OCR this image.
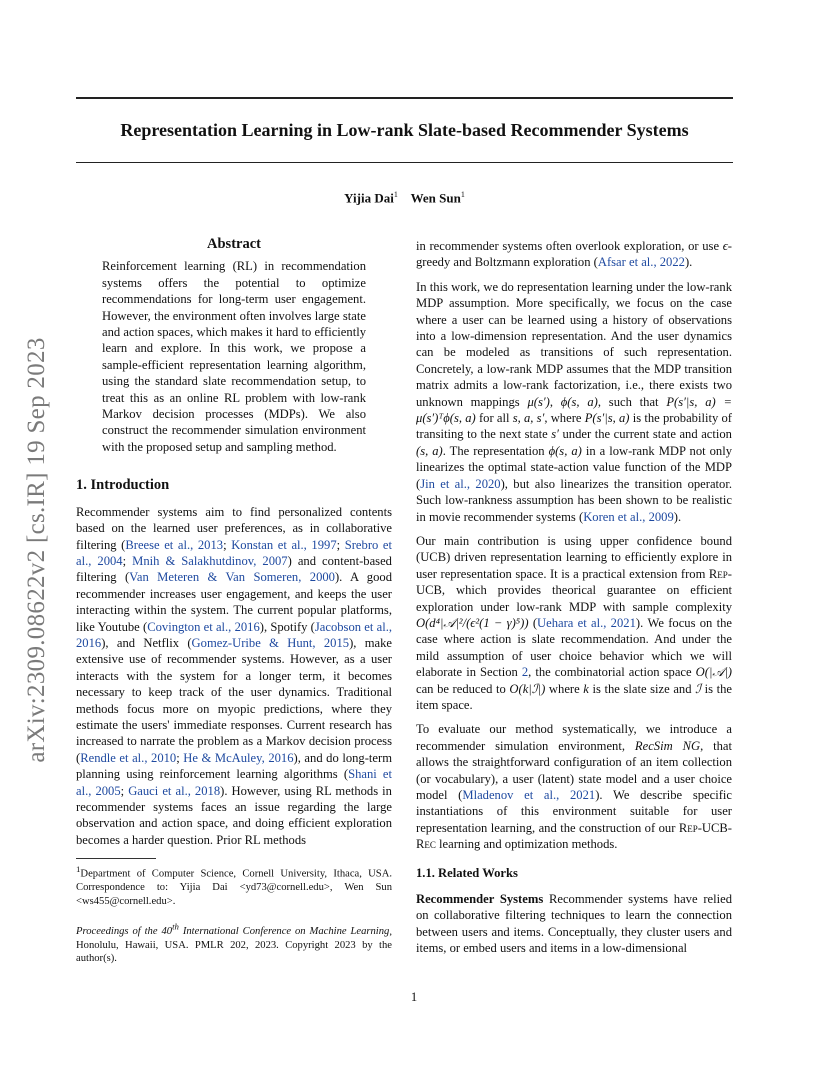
Representation Learning in Low-rank Slate-based Recommender Systems
Yijia Dai$^1$ Wen Sun$^1$
arXiv:2309.08622v2 [cs.IR] 19 Sep 2023
Abstract

Reinforcement learning (RL) in recommendation systems offers the potential to optimize recommendations for long-term user engagement. However, the environment often involves large state and action spaces, which makes it hard to efficiently learn and explore. In this work, we propose a sample-efficient representation learning algorithm, using the standard slate recommendation setup, to treat this as an online RL problem with low-rank Markov decision processes (MDPs). We also construct the recommender simulation environment with the proposed setup and sampling method.

1. Introduction

Recommender systems aim to find personalized contents based on the learned user preferences, as in collaborative filtering (Breese et al., 2013; Konstan et al., 1997; Srebro et al., 2004; Mnih & Salakhutdinov, 2007) and content-based filtering (Van Meteren & Van Someren, 2000). A good recommender increases user engagement, and keeps the user interacting within the system. The current popular platforms, like Youtube (Covington et al., 2016), Spotify (Jacobson et al., 2016), and Netflix (Gomez-Uribe & Hunt, 2015), make extensive use of recommender systems. However, as a user interacts with the system for a longer term, it becomes necessary to keep track of the user dynamics. Traditional methods focus more on myopic predictions, where they estimate the users' immediate responses. Current research has increased to narrate the problem as a Markov decision process (Rendle et al., 2010; He & McAuley, 2016), and do long-term planning using reinforcement learning algorithms (Shani et al., 2005; Gauci et al., 2018). However, using RL methods in recommender systems faces an issue regarding the large observation and action space, and doing efficient exploration becomes a harder question. Prior RL methods

$^1$Department of Computer Science, Cornell University, Ithaca, USA. Correspondence to: Yijia Dai <yd73@cornell.edu>, Wen Sun <ws455@cornell.edu>.

Proceedings of the 40th International Conference on Machine Learning, Honolulu, Hawaii, USA. PMLR 202, 2023. Copyright 2023 by the author(s).

in recommender systems often overlook exploration, or use ϵ-greedy and Boltzmann exploration (Afsar et al., 2022).

In this work, we do representation learning under the low-rank MDP assumption. More specifically, we focus on the case where a user can be learned using a history of observations into a low-dimension representation. And the user dynamics can be modeled as transitions of such representation. Concretely, a low-rank MDP assumes that the MDP transition matrix admits a low-rank factorization, i.e., there exists two unknown mappings μ(s′), ϕ(s, a), such that P(s′|s, a) = μ(s′)ᵀϕ(s, a) for all s, a, s′, where P(s′|s, a) is the probability of transiting to the next state s′ under the current state and action (s, a). The representation ϕ(s, a) in a low-rank MDP not only linearizes the optimal state-action value function of the MDP (Jin et al., 2020), but also linearizes the transition operator. Such low-rankness assumption has been shown to be realistic in movie recommender systems (Koren et al., 2009).

Our main contribution is using upper confidence bound (UCB) driven representation learning to efficiently explore in user representation space. It is a practical extension from Rep-UCB, which provides theorical guarantee on efficient exploration under low-rank MDP with sample complexity O(d⁴|𝒜|²/(ϵ²(1 − γ)⁵)) (Uehara et al., 2021). We focus on the case where action is slate recommendation. And under the mild assumption of user choice behavior which we will elaborate in Section 2, the combinatorial action space O(|𝒜|) can be reduced to O(k|ℐ|) where k is the slate size and ℐ is the item space.

To evaluate our method systematically, we introduce a recommender simulation environment, RecSim NG, that allows the straightforward configuration of an item collection (or vocabulary), a user (latent) state model and a user choice model (Mladenov et al., 2021). We describe specific instantiations of this environment suitable for user representation learning, and the construction of our Rep-UCB-Rec learning and optimization methods.

1.1. Related Works

Recommender Systems Recommender systems have relied on collaborative filtering techniques to learn the connection between users and items. Conceptually, they cluster users and items, or embed users and items in a low-dimensional

1
